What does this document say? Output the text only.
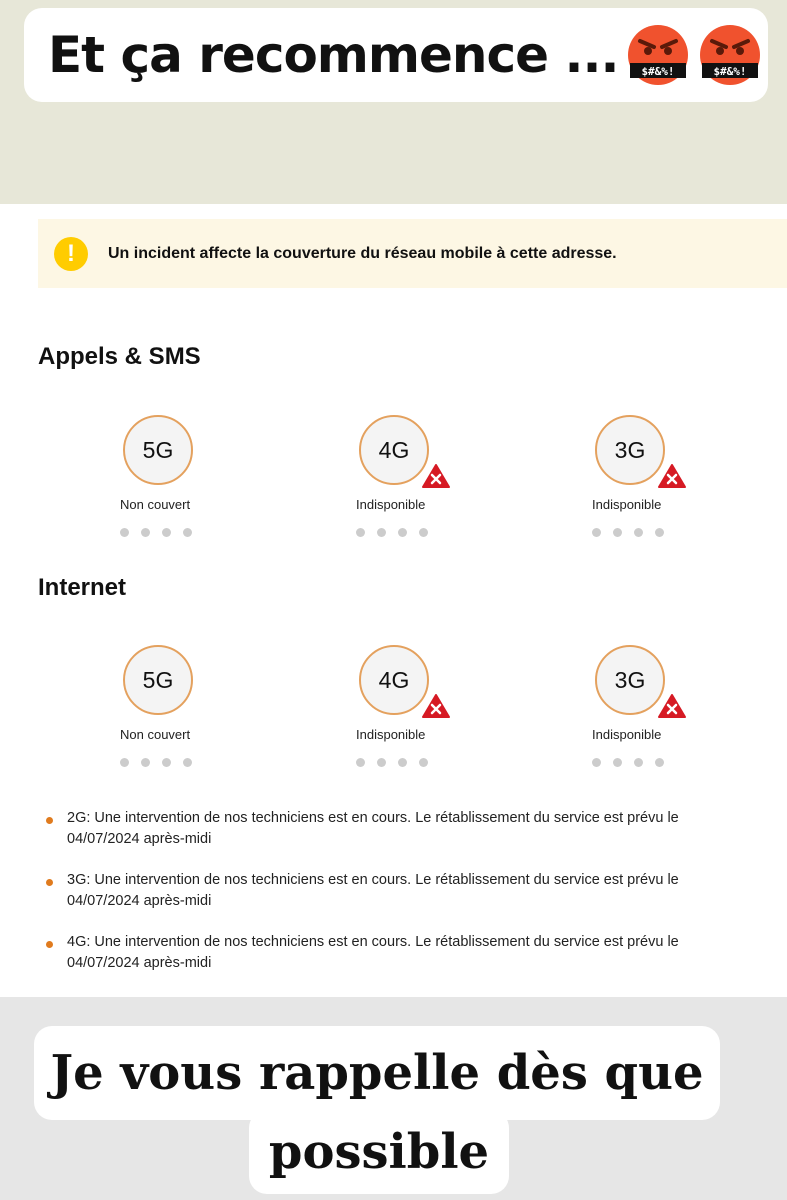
Et ça recommence ... $#&%!	$#&%!
!	Un incident affecte la couverture du réseau mobile à cette adresse.
Appels & SMS
5G
Non couvert
4G
Indisponible
3G
Indisponible
Internet
5G
Non couvert
4G
Indisponible
3G
Indisponible
2G: Une intervention de nos techniciens est en cours. Le rétablissement du service est prévu le 04/07/2024 après-midi
3G: Une intervention de nos techniciens est en cours. Le rétablissement du service est prévu le 04/07/2024 après-midi
4G: Une intervention de nos techniciens est en cours. Le rétablissement du service est prévu le 04/07/2024 après-midi
Je vous rappelle dès que
possible
